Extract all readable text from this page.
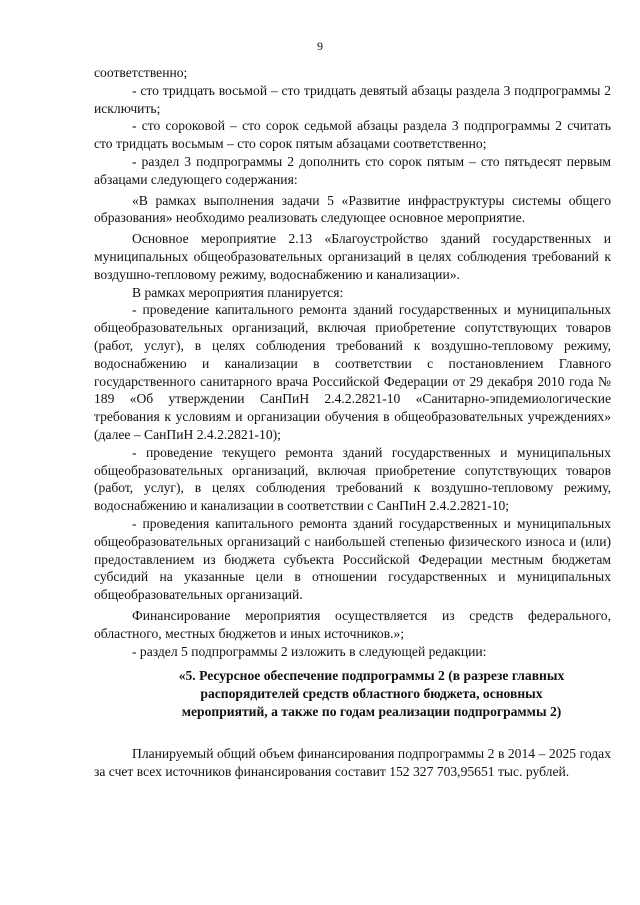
9

соответственно;

- сто тридцать восьмой – сто тридцать девятый абзацы раздела 3 подпрограммы 2 исключить;

- сто сороковой – сто сорок седьмой абзацы раздела 3 подпрограммы 2 считать сто тридцать восьмым – сто сорок пятым абзацами соответственно;

- раздел 3 подпрограммы 2 дополнить сто сорок пятым – сто пятьдесят первым абзацами следующего содержания:

«В рамках выполнения задачи 5 «Развитие инфраструктуры системы общего образования» необходимо реализовать следующее основное мероприятие.

Основное мероприятие 2.13 «Благоустройство зданий государственных и муниципальных общеобразовательных организаций в целях соблюдения требований к воздушно-тепловому режиму, водоснабжению и канализации».

В рамках мероприятия планируется:

- проведение капитального ремонта зданий государственных и муниципальных общеобразовательных организаций, включая приобретение сопутствующих товаров (работ, услуг), в целях соблюдения требований к воздушно-тепловому режиму, водоснабжению и канализации в соответствии с постановлением Главного государственного санитарного врача Российской Федерации от 29 декабря 2010 года № 189 «Об утверждении СанПиН 2.4.2.2821-10 «Санитарно-эпидемиологические требования к условиям и организации обучения в общеобразовательных учреждениях» (далее – СанПиН 2.4.2.2821-10);

- проведение текущего ремонта зданий государственных и муниципальных общеобразовательных организаций, включая приобретение сопутствующих товаров (работ, услуг), в целях соблюдения требований к воздушно-тепловому режиму, водоснабжению и канализации в соответствии с СанПиН 2.4.2.2821-10;

- проведения капитального ремонта зданий государственных и муниципальных общеобразовательных организаций с наибольшей степенью физического износа и (или) предоставлением из бюджета субъекта Российской Федерации местным бюджетам субсидий на указанные цели в отношении государственных и муниципальных общеобразовательных организаций.

Финансирование мероприятия осуществляется из средств федерального, областного, местных бюджетов и иных источников.»;

- раздел 5 подпрограммы 2 изложить в следующей редакции:

«5. Ресурсное обеспечение подпрограммы 2 (в разрезе главных
распорядителей средств областного бюджета, основных
мероприятий, а также по годам реализации подпрограммы 2)

Планируемый общий объем финансирования подпрограммы 2 в 2014 – 2025 годах за счет всех источников финансирования составит 152 327 703,95651 тыс. рублей.
